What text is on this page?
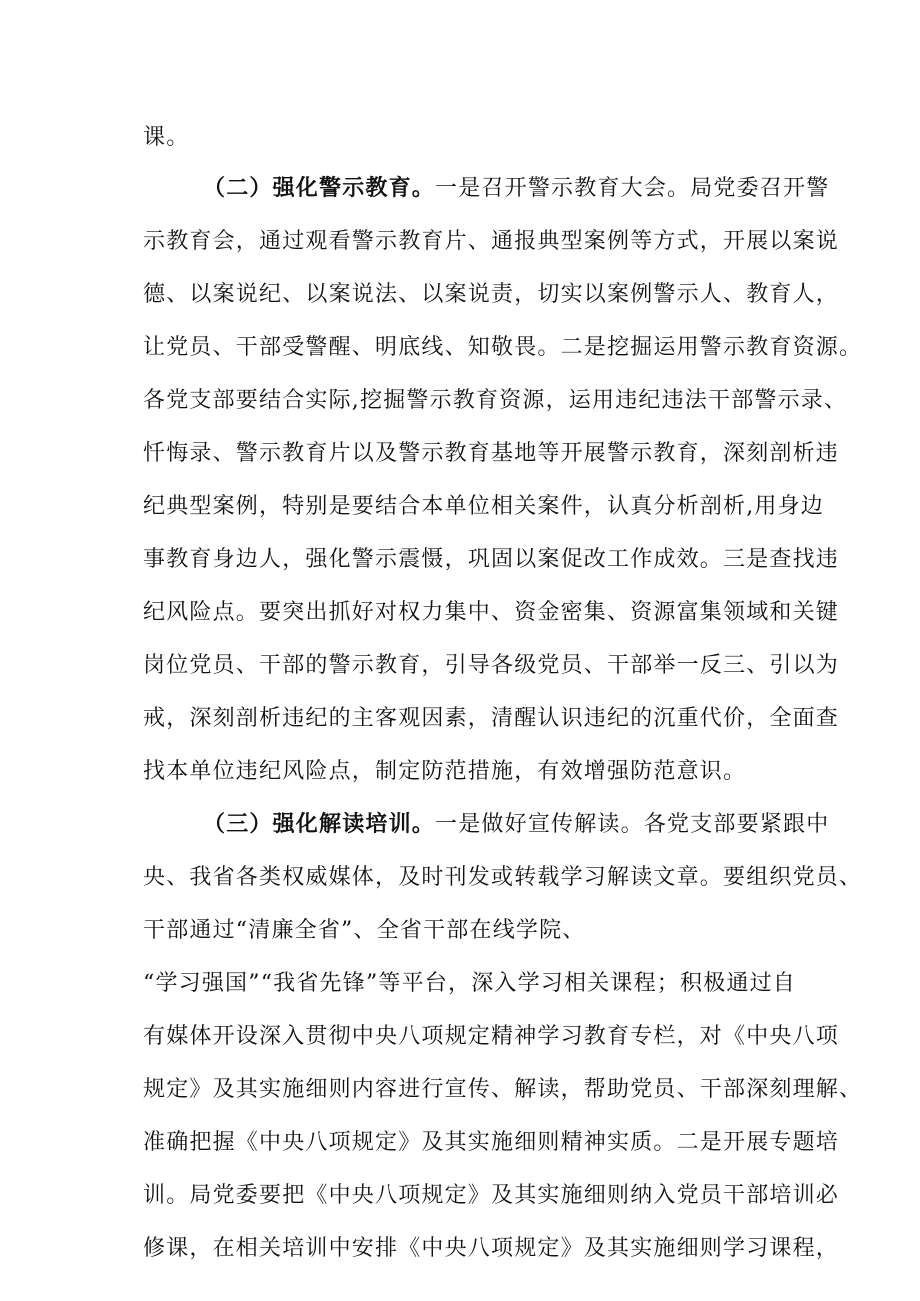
课。
（二）强化警示教育。一是召开警示教育大会。局党委召开警
示教育会，通过观看警示教育片、通报典型案例等方式，开展以案说
德、以案说纪、以案说法、以案说责，切实以案例警示人、教育人，
让党员、干部受警醒、明底线、知敬畏。二是挖掘运用警示教育资源。
各党支部要结合实际,挖掘警示教育资源，运用违纪违法干部警示录、
忏悔录、警示教育片以及警示教育基地等开展警示教育，深刻剖析违
纪典型案例，特别是要结合本单位相关案件，认真分析剖析,用身边
事教育身边人，强化警示震慑，巩固以案促改工作成效。三是查找违
纪风险点。要突出抓好对权力集中、资金密集、资源富集领域和关键
岗位党员、干部的警示教育，引导各级党员、干部举一反三、引以为
戒，深刻剖析违纪的主客观因素，清醒认识违纪的沉重代价，全面查
找本单位违纪风险点，制定防范措施，有效增强防范意识。
（三）强化解读培训。一是做好宣传解读。各党支部要紧跟中
央、我省各类权威媒体，及时刊发或转载学习解读文章。要组织党员、
干部通过“清廉全省”、全省干部在线学院、
“学习强国”“我省先锋”等平台，深入学习相关课程；积极通过自
有媒体开设深入贯彻中央八项规定精神学习教育专栏，对《中央八项
规定》及其实施细则内容进行宣传、解读，帮助党员、干部深刻理解、
准确把握《中央八项规定》及其实施细则精神实质。二是开展专题培
训。局党委要把《中央八项规定》及其实施细则纳入党员干部培训必
修课，在相关培训中安排《中央八项规定》及其实施细则学习课程，
